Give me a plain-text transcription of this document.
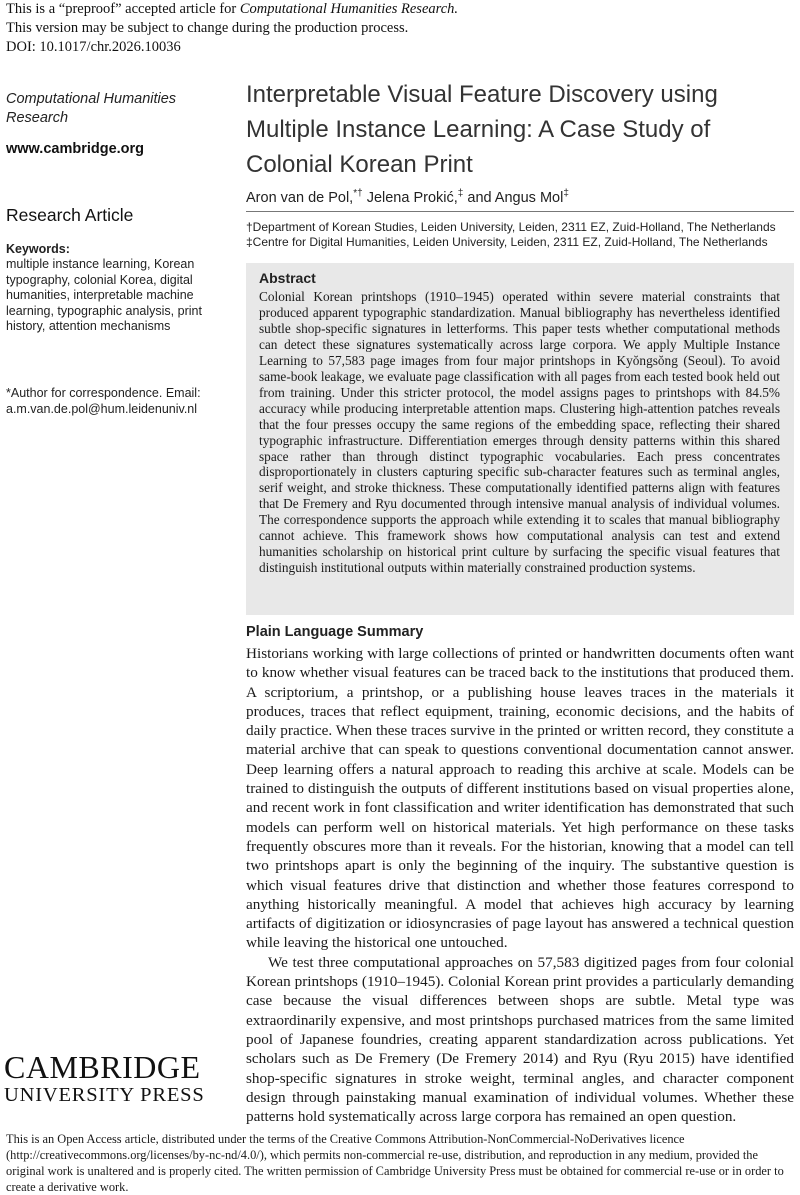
This is a “preproof” accepted article for Computational Humanities Research.
This version may be subject to change during the production process.
DOI: 10.1017/chr.2026.10036
Computational Humanities Research
www.cambridge.org
Research Article
Keywords:
multiple instance learning, Korean typography, colonial Korea, digital humanities, interpretable machine learning, typographic analysis, print history, attention mechanisms
*Author for correspondence. Email:
a.m.van.de.pol@hum.leidenuniv.nl
Interpretable Visual Feature Discovery using Multiple Instance Learning: A Case Study of Colonial Korean Print
Aron van de Pol,*† Jelena Prokić,‡ and Angus Mol‡
†Department of Korean Studies, Leiden University, Leiden, 2311 EZ, Zuid-Holland, The Netherlands
‡Centre for Digital Humanities, Leiden University, Leiden, 2311 EZ, Zuid-Holland, The Netherlands
Abstract

Colonial Korean printshops (1910–1945) operated within severe material constraints that produced apparent typographic standardization. Manual bibliography has nevertheless identified subtle shop-specific signatures in letterforms. This paper tests whether computational methods can detect these signatures systematically across large corpora. We apply Multiple Instance Learning to 57,583 page images from four major printshops in Kyŏngsŏng (Seoul). To avoid same-book leakage, we evaluate page classification with all pages from each tested book held out from training. Under this stricter protocol, the model assigns pages to printshops with 84.5% accuracy while producing interpretable attention maps. Clustering high-attention patches reveals that the four presses occupy the same regions of the embedding space, reflecting their shared typographic infrastructure. Differentiation emerges through density patterns within this shared space rather than through distinct typographic vocabularies. Each press concentrates disproportionately in clusters capturing specific sub-character features such as terminal angles, serif weight, and stroke thickness. These computationally identified patterns align with features that De Fremery and Ryu documented through intensive manual analysis of individual volumes. The correspondence supports the approach while extending it to scales that manual bibliography cannot achieve. This framework shows how computational analysis can test and extend humanities scholarship on historical print culture by surfacing the specific visual features that distinguish institutional outputs within materially constrained production systems.

Plain Language Summary

Historians working with large collections of printed or handwritten documents often want to know whether visual features can be traced back to the institutions that produced them. A scriptorium, a printshop, or a publishing house leaves traces in the materials it produces, traces that reflect equipment, training, economic decisions, and the habits of daily practice. When these traces survive in the printed or written record, they constitute a material archive that can speak to questions conventional documentation cannot answer. Deep learning offers a natural approach to reading this archive at scale. Models can be trained to distinguish the outputs of different institutions based on visual properties alone, and recent work in font classification and writer identification has demonstrated that such models can perform well on historical materials. Yet high performance on these tasks frequently obscures more than it reveals. For the historian, knowing that a model can tell two printshops apart is only the beginning of the inquiry. The substantive question is which visual features drive that distinction and whether those features correspond to anything historically meaningful. A model that achieves high accuracy by learning artifacts of digitization or idiosyncrasies of page layout has answered a technical question while leaving the historical one untouched.

We test three computational approaches on 57,583 digitized pages from four colonial Korean printshops (1910–1945). Colonial Korean print provides a particularly demanding case because the visual differences between shops are subtle. Metal type was extraordinarily expensive, and most printshops purchased matrices from the same limited pool of Japanese foundries, creating apparent standardization across publications. Yet scholars such as De Fremery (De Fremery 2014) and Ryu (Ryu 2015) have identified shop-specific signatures in stroke weight, terminal angles, and character component design through painstaking manual examination of individual volumes. Whether these patterns hold systematically across large corpora has remained an open question.

CAMBRIDGE
UNIVERSITY PRESS
This is an Open Access article, distributed under the terms of the Creative Commons Attribution-NonCommercial-NoDerivatives licence (http://creativecommons.org/licenses/by-nc-nd/4.0/), which permits non-commercial re-use, distribution, and reproduction in any medium, provided the original work is unaltered and is properly cited. The written permission of Cambridge University Press must be obtained for commercial re-use or in order to create a derivative work.
